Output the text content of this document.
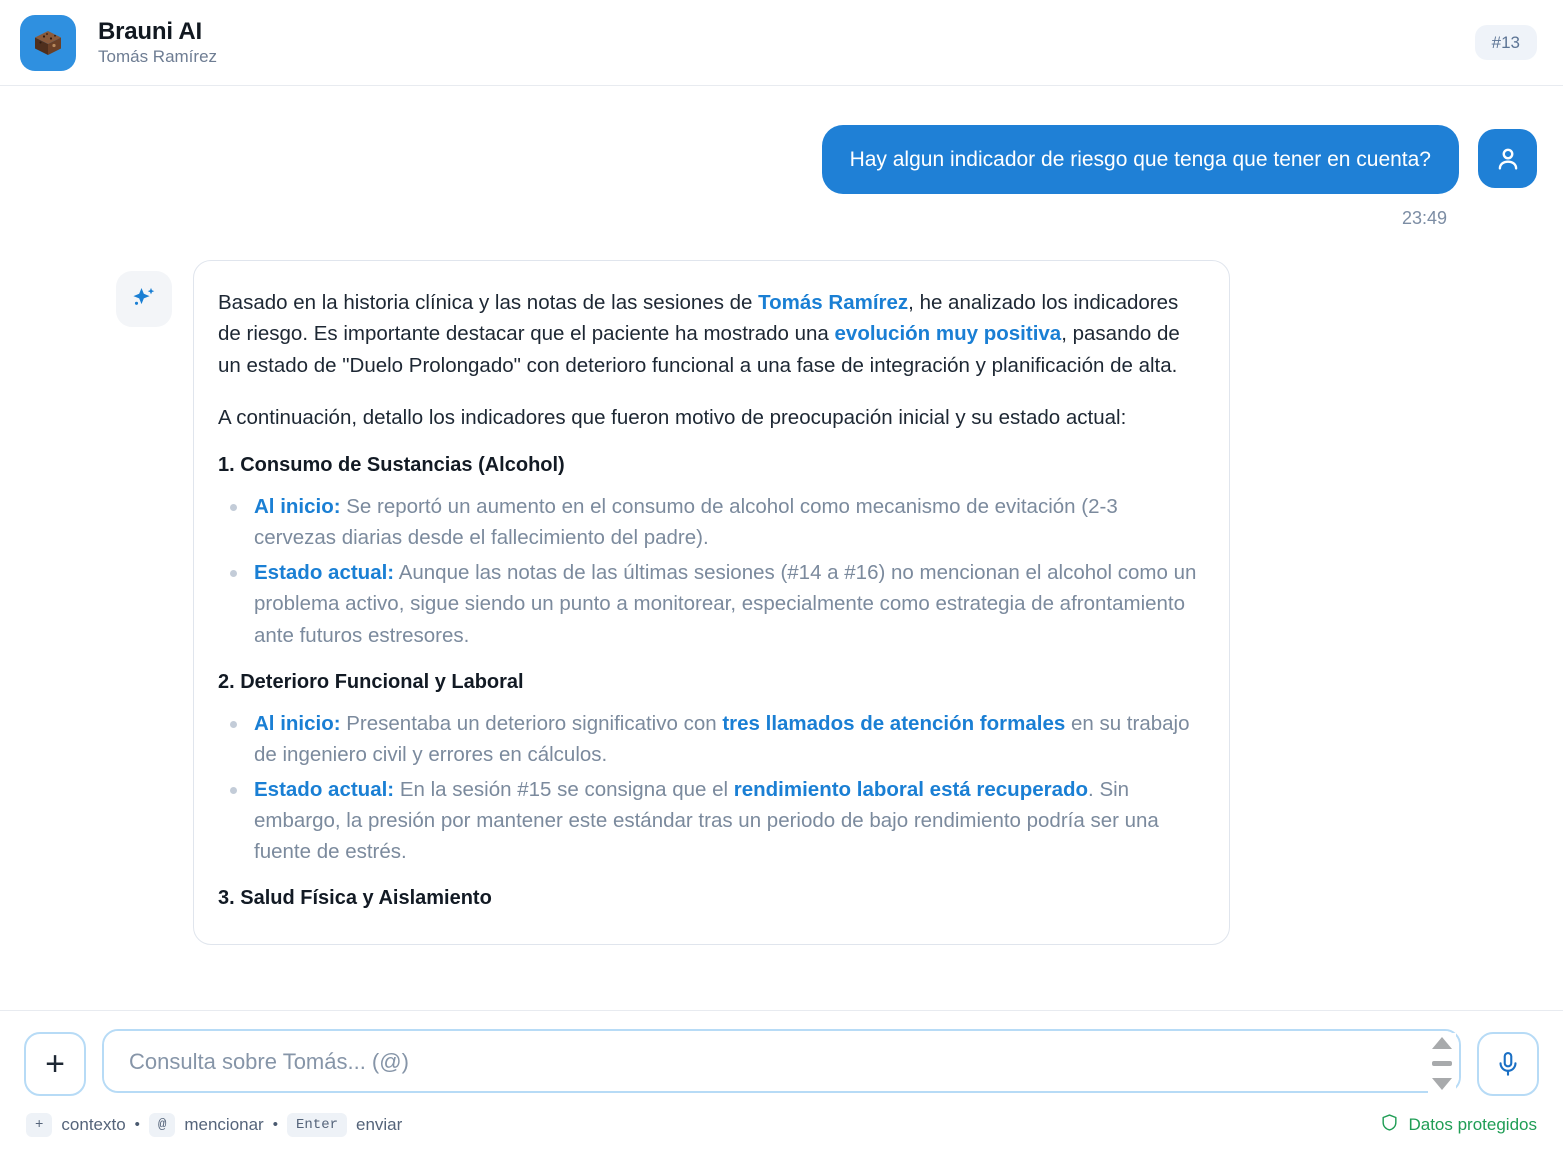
Brauni AI
Tomás Ramírez
#13
Hay algun indicador de riesgo que tenga que tener en cuenta?
23:49

Basado en la historia clínica y las notas de las sesiones de Tomás Ramírez, he analizado los indicadores de riesgo. Es importante destacar que el paciente ha mostrado una evolución muy positiva, pasando de un estado de "Duelo Prolongado" con deterioro funcional a una fase de integración y planificación de alta.

A continuación, detallo los indicadores que fueron motivo de preocupación inicial y su estado actual:

1. Consumo de Sustancias (Alcohol)
Al inicio: Se reportó un aumento en el consumo de alcohol como mecanismo de evitación (2-3 cervezas diarias desde el fallecimiento del padre).
Estado actual: Aunque las notas de las últimas sesiones (#14 a #16) no mencionan el alcohol como un problema activo, sigue siendo un punto a monitorear, especialmente como estrategia de afrontamiento ante futuros estresores.
2. Deterioro Funcional y Laboral
Al inicio: Presentaba un deterioro significativo con tres llamados de atención formales en su trabajo de ingeniero civil y errores en cálculos.
Estado actual: En la sesión #15 se consigna que el rendimiento laboral está recuperado. Sin embargo, la presión por mantener este estándar tras un periodo de bajo rendimiento podría ser una fuente de estrés.
3. Salud Física y Aislamiento
+
Consulta sobre Tomás... (@)
+	contexto •	@	mencionar •	Enter	enviar	Datos protegidos
